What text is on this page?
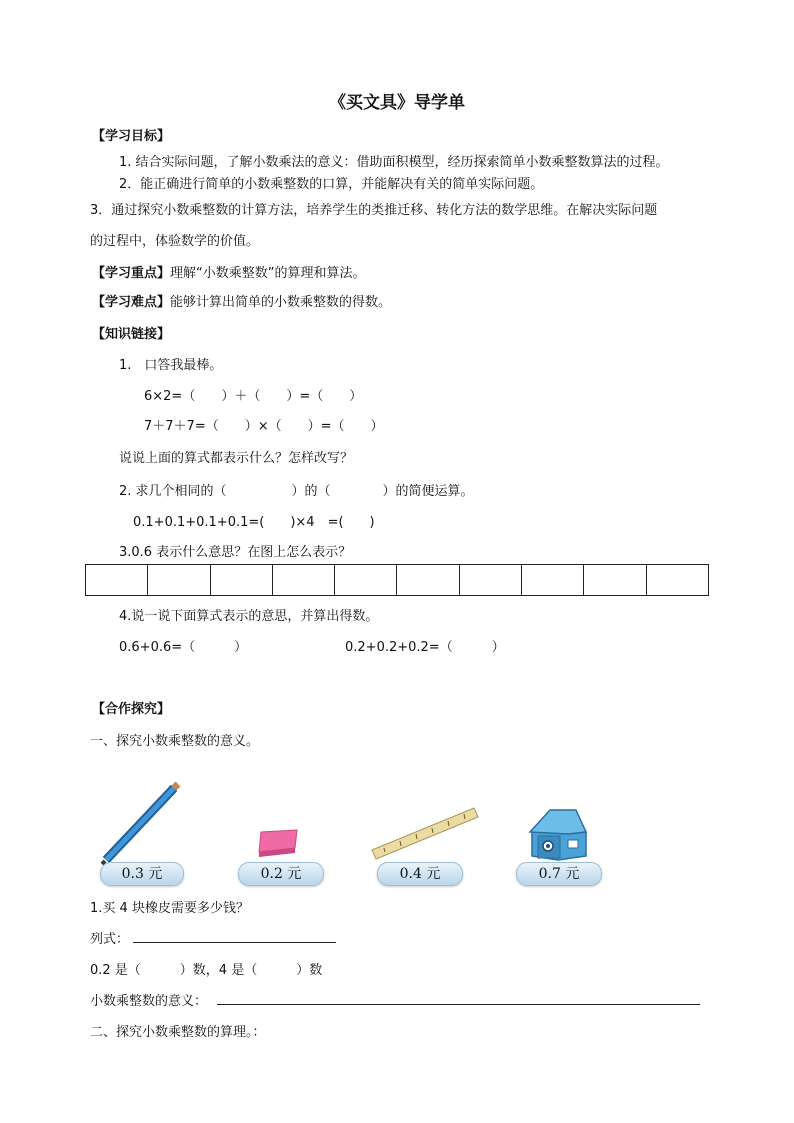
《买文具》导学单
【学习目标】
1. 结合实际问题，了解小数乘法的意义：借助面积模型，经历探索简单小数乘整数算法的过程。
2．能正确进行简单的小数乘整数的口算，并能解决有关的简单实际问题。
3．通过探究小数乘整数的计算方法，培养学生的类推迁移、转化方法的数学思维。在解决实际问题
的过程中，体验数学的价值。
【学习重点】理解“小数乘整数”的算理和算法。
【学习难点】能够计算出简单的小数乘整数的得数。
【知识链接】
1.　口答我最棒。
6×2=（　　）＋（　　）=（　　）
7＋7＋7=（　　）×（　　）=（　　）
说说上面的算式都表示什么？怎样改写？
2. 求几个相同的（　　　　　）的（　　　　）的简便运算。
0.1+0.1+0.1+0.1=(　　)×4　=(　　)
3.0.6 表示什么意思？在图上怎么表示？
4.说一说下面算式表示的意思，并算出得数。
0.6+0.6=（　　　）	0.2+0.2+0.2=（　　　）
【合作探究】
一、探究小数乘整数的意义。
0.3 元	0.2 元	0.4 元	0.7 元
1.买 4 块橡皮需要多少钱？
列式：
0.2 是（　　　）数，4 是（　　　）数
小数乘整数的意义：
二、探究小数乘整数的算理。：
